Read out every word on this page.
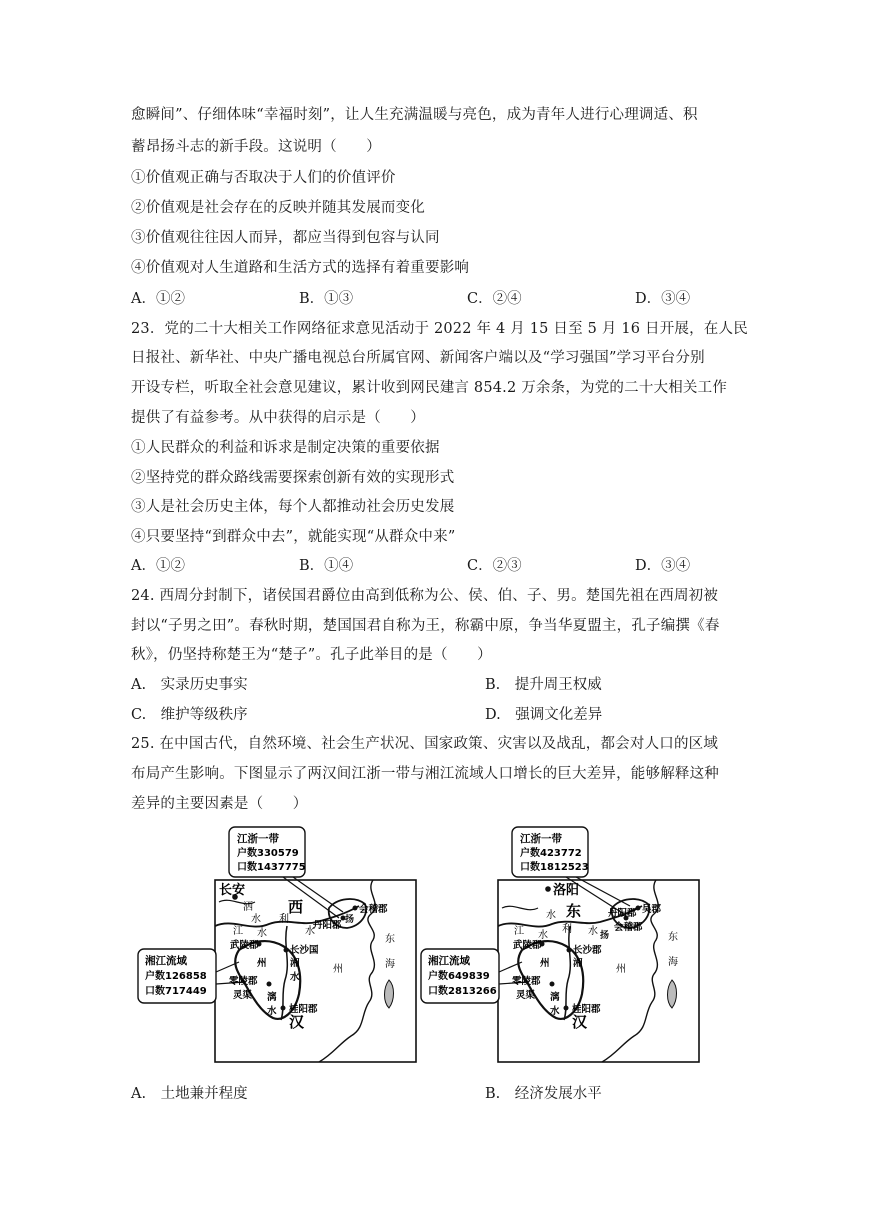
愈瞬间”、仔细体味“幸福时刻”，让人生充满温暖与亮色，成为青年人进行心理调适、积
蓄昂扬斗志的新手段。这说明（　　）
①价值观正确与否取决于人们的价值评价
②价值观是社会存在的反映并随其发展而变化
③价值观往往因人而异，都应当得到包容与认同
④价值观对人生道路和生活方式的选择有着重要影响
A．①②	B．①③	C．②④	D．③④
23．党的二十大相关工作网络征求意见活动于 2022 年 4 月 15 日至 5 月 16 日开展，在人民
日报社、新华社、中央广播电视总台所属官网、新闻客户端以及“学习强国”学习平台分别
开设专栏，听取全社会意见建议，累计收到网民建言 854.2 万余条，为党的二十大相关工作
提供了有益参考。从中获得的启示是（　　）
①人民群众的利益和诉求是制定决策的重要依据
②坚持党的群众路线需要探索创新有效的实现形式
③人是社会历史主体，每个人都推动社会历史发展
④只要坚持“到群众中去”，就能实现“从群众中来”
A．①②	B．①④	C．②③	D．③④
24. 西周分封制下，诸侯国君爵位由高到低称为公、侯、伯、子、男。楚国先祖在西周初被
封以“子男之田”。春秋时期，楚国国君自称为王，称霸中原，争当华夏盟主，孔子编撰《春
秋》，仍坚持称楚王为“楚子”。孔子此举目的是（　　）
A.　实录历史事实	B.　提升周王权威
C.　维护等级秩序	D.　强调文化差异
25. 在中国古代，自然环境、社会生产状况、国家政策、灾害以及战乱，都会对人口的区域
布局产生影响。下图显示了两汉间江浙一带与湘江流域人口增长的巨大差异，能够解释这种
差异的主要因素是（　　）
江浙一带
户数330579
口数1437775
湘江流域
户数126858
口数717449
长安
西
汉
洒
水
江 水	水
利	扬
会稽郡
丹阳郡
武陵郡	长沙国
州 湘
水
零陵郡
灵渠 漓
水 桂阳郡
州
东
海
江浙一带
户数423772
口数1812523
湘江流域
户数649839
口数2813266
洛阳
东
汉
江
水
利
水	水 扬
吴郡
丹阳郡
会稽郡
武陵郡	长沙郡
州 湘
零陵郡
灵渠 漓
水 桂阳郡
州
东
海
A.　土地兼并程度	B.　经济发展水平
